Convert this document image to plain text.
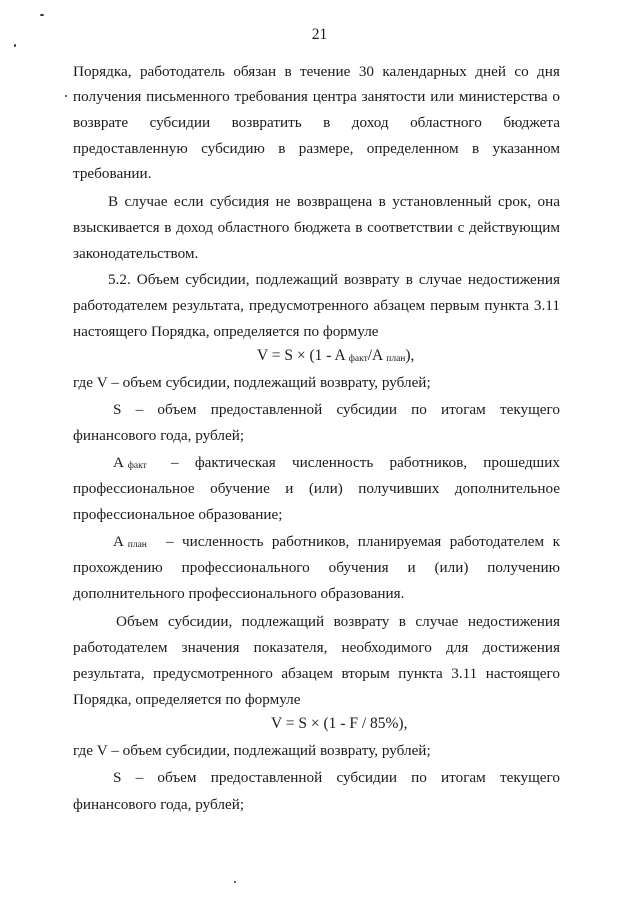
21
Порядка, работодатель обязан в течение 30 календарных дней со дня
получения письменного требования центра занятости или министерства о
возврате субсидии возвратить в доход областного бюджета
предоставленную субсидию в размере, определенном в указанном
требовании.
В случае если субсидия не возвращена в установленный срок, она
взыскивается в доход областного бюджета в соответствии с действующим
законодательством.
5.2. Объем субсидии, подлежащий возврату в случае недостижения
работодателем результата, предусмотренного абзацем первым пункта 3.11
настоящего Порядка, определяется по формуле
V = S × (1 - A факт/A план),
где V – объем субсидии, подлежащий возврату, рублей;
S – объем предоставленной субсидии по итогам текущего
финансового года, рублей;
А факт – фактическая численность работников, прошедших
профессиональное обучение и (или) получивших дополнительное
профессиональное образование;
А план – численность работников, планируемая работодателем к
прохождению профессионального обучения и (или) получению
дополнительного профессионального образования.
Объем субсидии, подлежащий возврату в случае недостижения
работодателем значения показателя, необходимого для достижения
результата, предусмотренного абзацем вторым пункта 3.11 настоящего
Порядка, определяется по формуле
V = S × (1 - F / 85%),
где V – объем субсидии, подлежащий возврату, рублей;
S – объем предоставленной субсидии по итогам текущего
финансового года, рублей;
